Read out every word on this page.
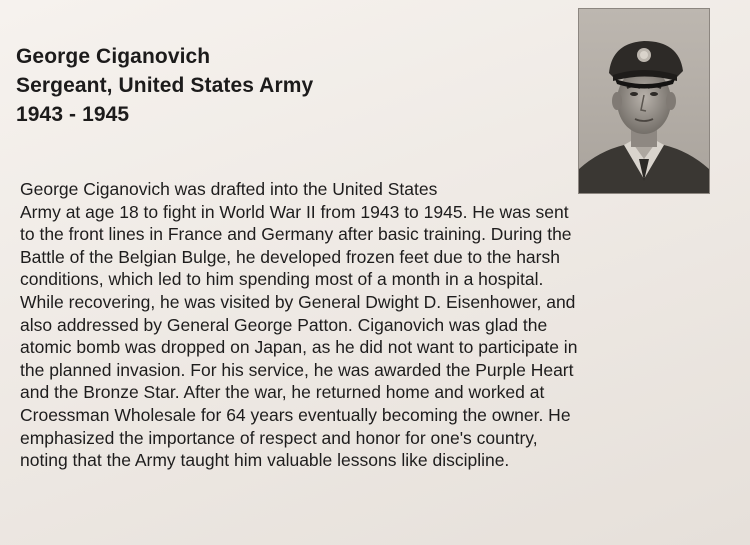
George Ciganovich
Sergeant, United States Army
1943 - 1945
George Ciganovich was drafted into the United States
Army at age 18 to fight in World War II from 1943 to 1945. He was sent
to the front lines in France and Germany after basic training. During the
Battle of the Belgian Bulge, he developed frozen feet due to the harsh
conditions, which led to him spending most of a month in a hospital.
While recovering, he was visited by General Dwight D. Eisenhower, and
also addressed by General George Patton. Ciganovich was glad the
atomic bomb was dropped on Japan, as he did not want to participate in
the planned invasion. For his service, he was awarded the Purple Heart
and the Bronze Star. After the war, he returned home and worked at
Croessman Wholesale for 64 years eventually becoming the owner. He
emphasized the importance of respect and honor for one's country,
noting that the Army taught him valuable lessons like discipline.
